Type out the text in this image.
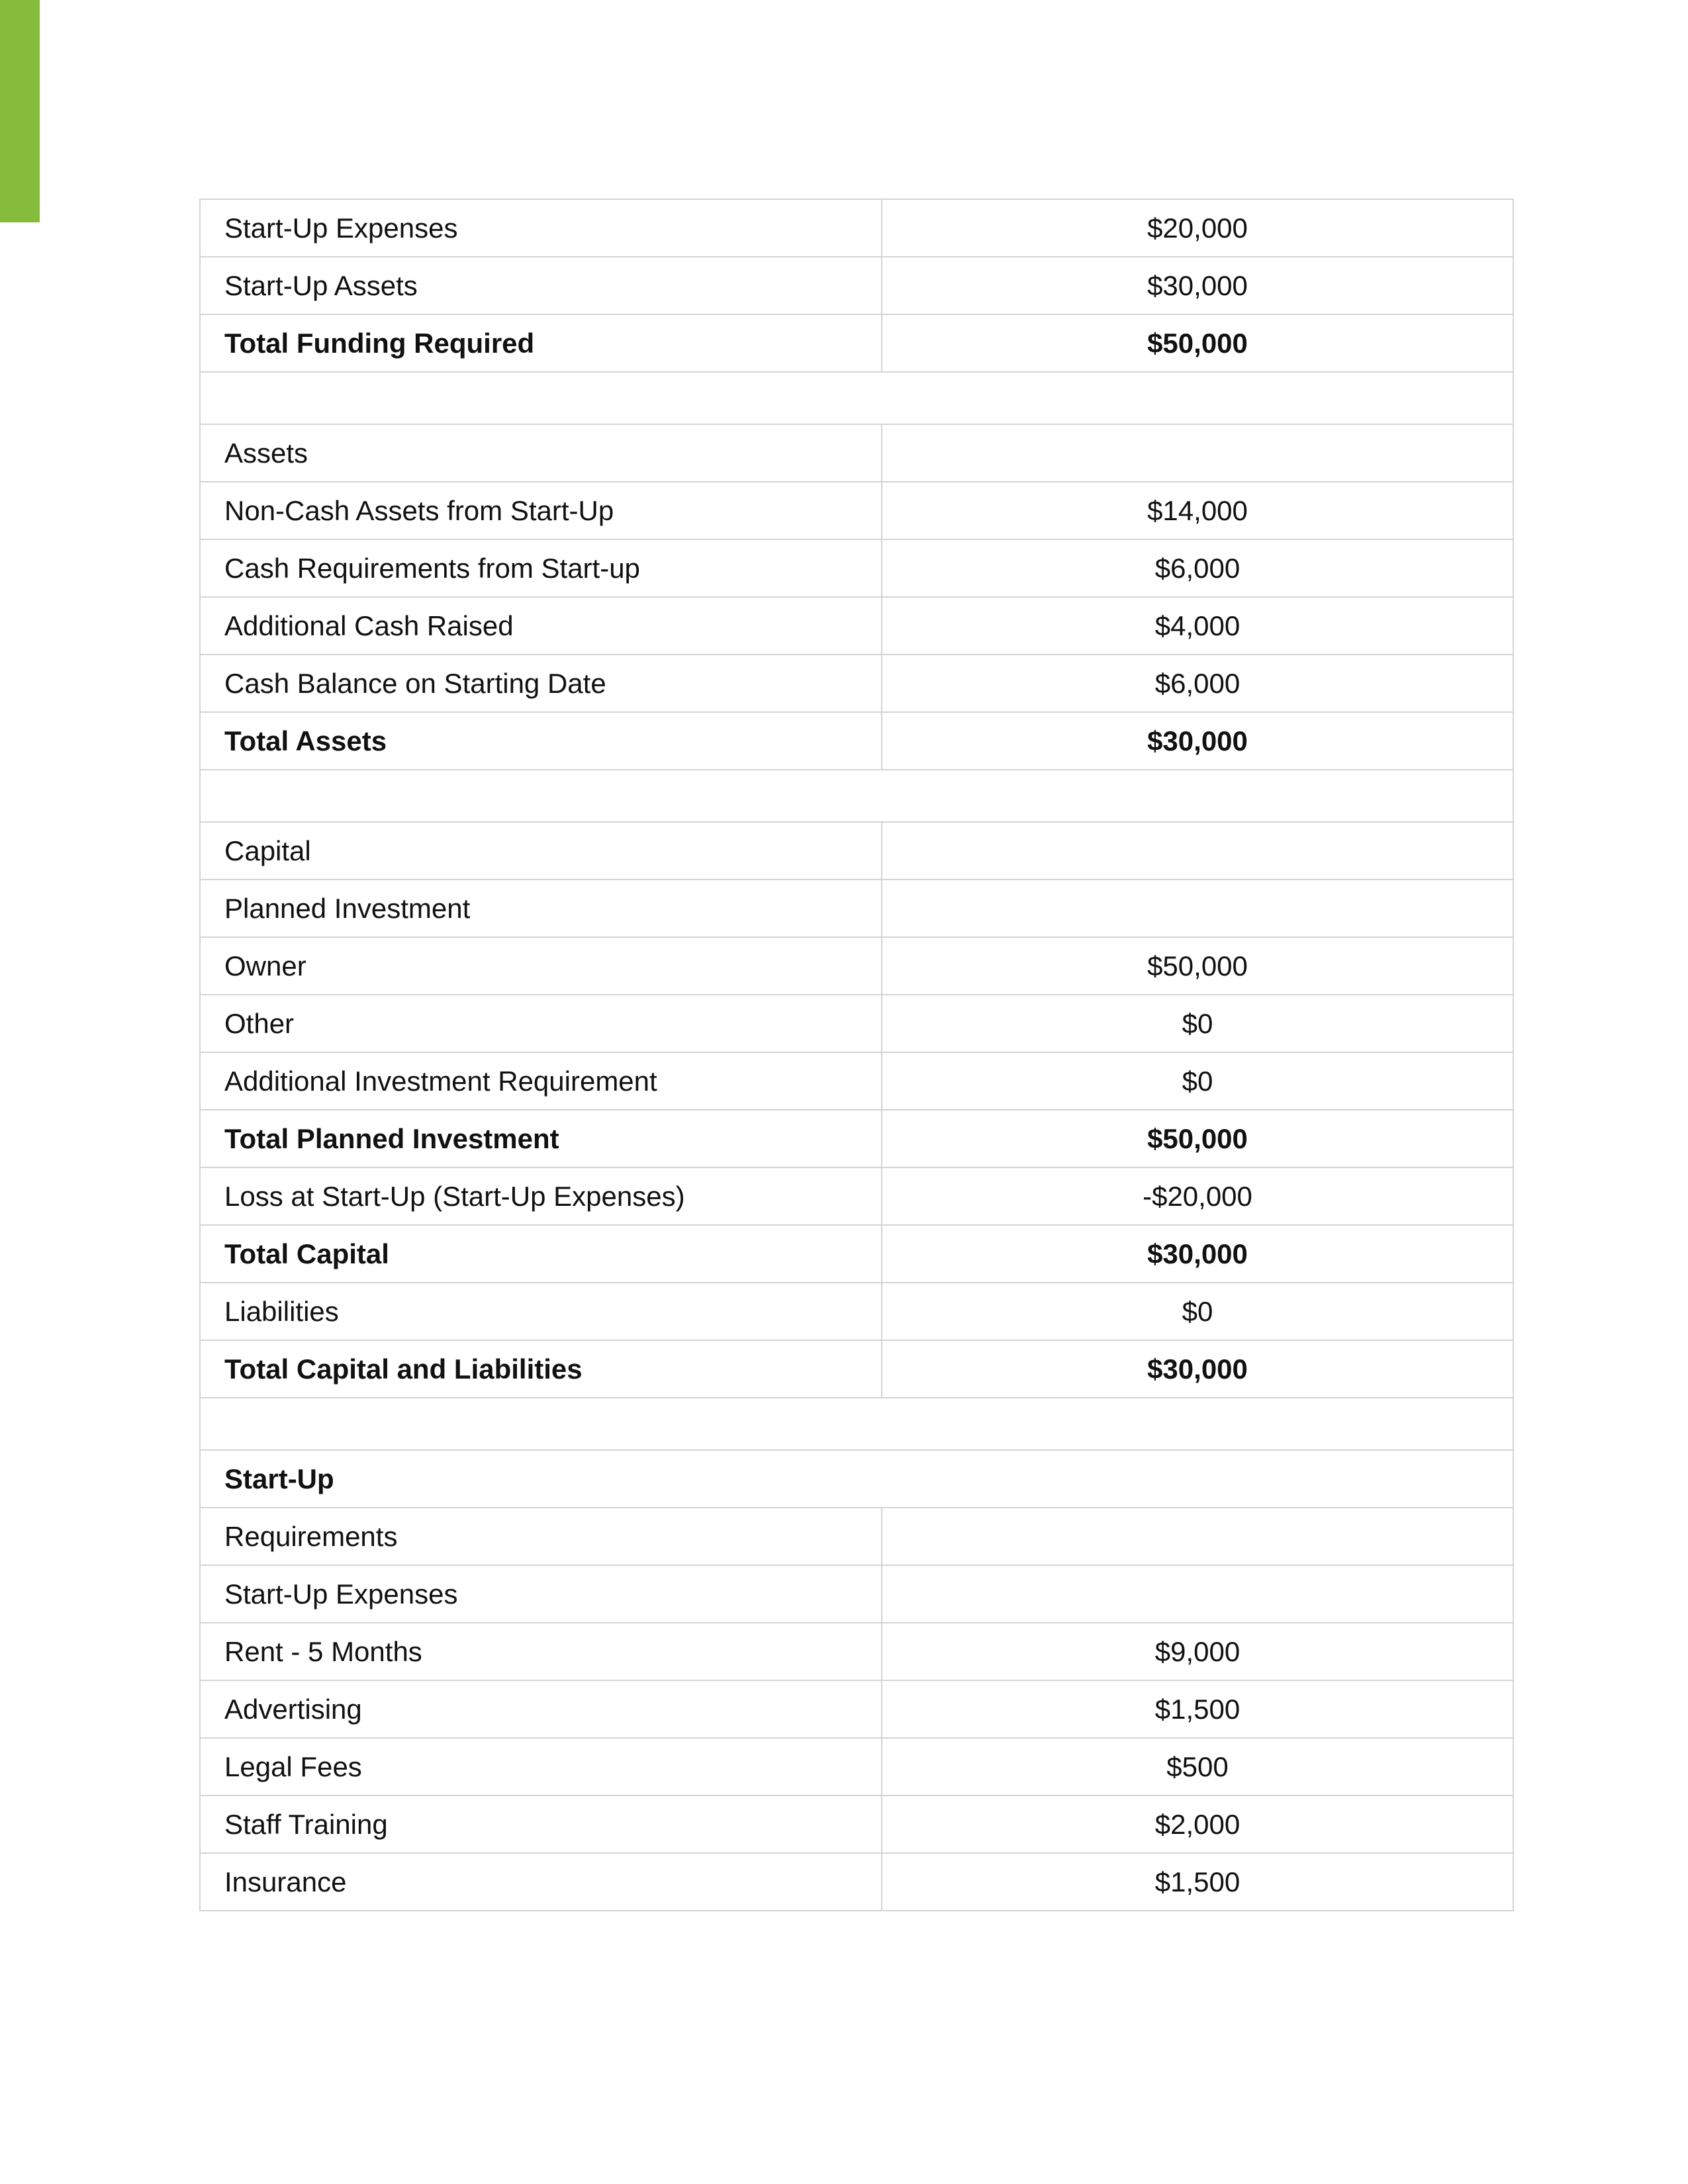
Start-Up Expenses	$20,000
Start-Up Assets	$30,000
Total Funding Required	$50,000

Assets	
Non-Cash Assets from Start-Up	$14,000
Cash Requirements from Start-up	$6,000
Additional Cash Raised	$4,000
Cash Balance on Starting Date	$6,000
Total Assets	$30,000

Capital	
Planned Investment	
Owner	$50,000
Other	$0
Additional Investment Requirement	$0
Total Planned Investment	$50,000
Loss at Start-Up (Start-Up Expenses)	-$20,000
Total Capital	$30,000
Liabilities	$0
Total Capital and Liabilities	$30,000

Start-Up	
Requirements	
Start-Up Expenses	
Rent - 5 Months	$9,000
Advertising	$1,500
Legal Fees	$500
Staff Training	$2,000
Insurance	$1,500
